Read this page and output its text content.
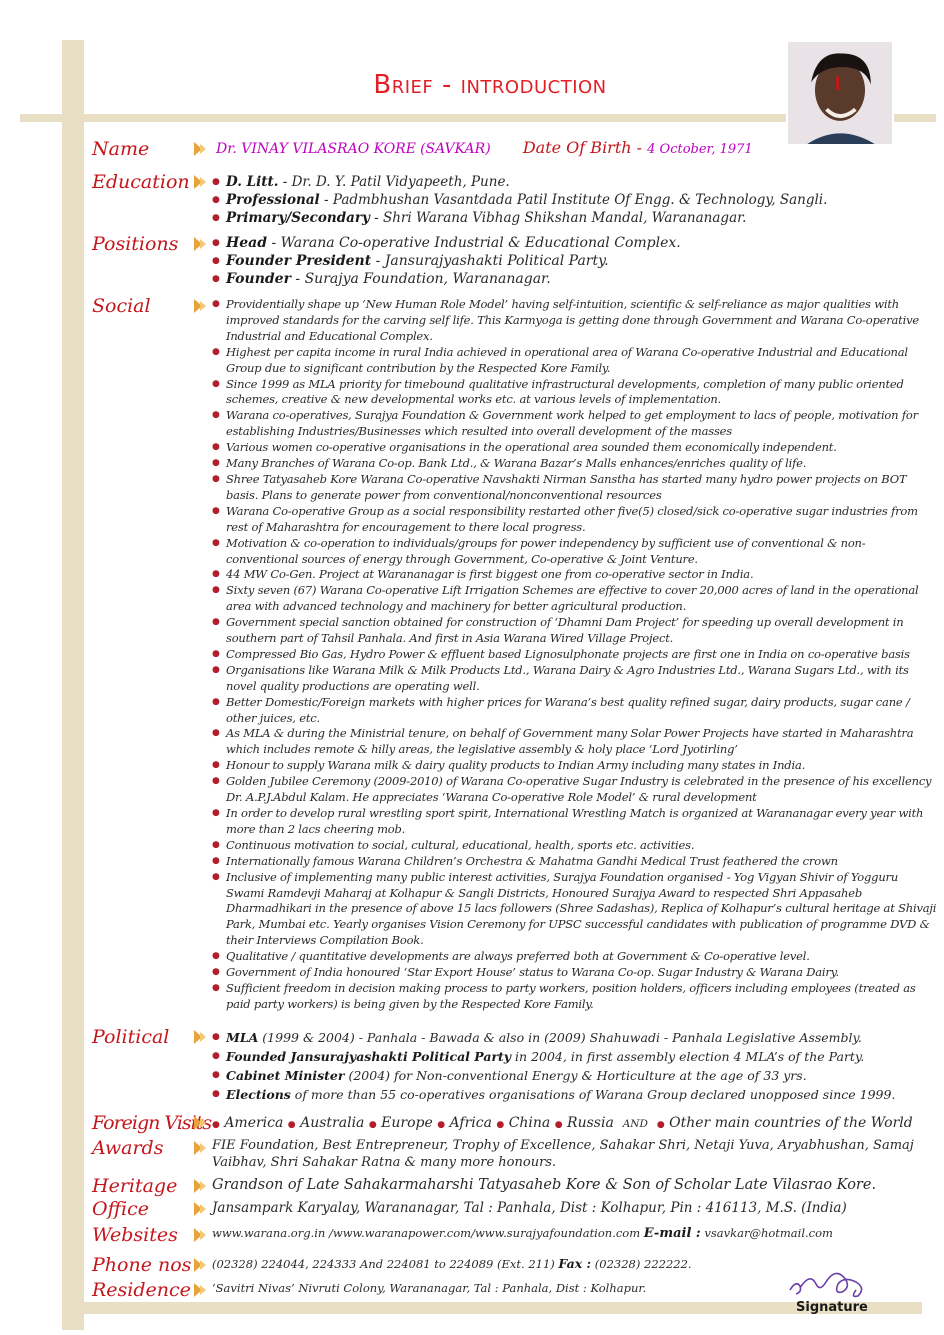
Brief - introduction
Name	Dr. VINAY VILASRAO KORE (SAVKAR) Date Of Birth - 4 October, 1971
Education	● D. Litt. - Dr. D. Y. Patil Vidyapeeth, Pune.
● Professional - Padmbhushan Vasantdada Patil Institute Of Engg. & Technology, Sangli.
● Primary/Secondary - Shri Warana Vibhag Shikshan Mandal, Warananagar.
Positions	● Head - Warana Co-operative Industrial & Educational Complex.
● Founder President - Jansurajyashakti Political Party.
● Founder - Surajya Foundation, Warananagar.
Social	● Providentially shape up ‘New Human Role Model’ having self-intuition, scientific & self-reliance as major qualities with improved standards for the carving self life. This Karmyoga is getting done through Government and Warana Co-operative Industrial and Educational Complex.
● Highest per capita income in rural India achieved in operational area of Warana Co-operative Industrial and Educational Group due to significant contribution by the Respected Kore Family.
● Since 1999 as MLA priority for timebound qualitative infrastructural developments, completion of many public oriented schemes, creative & new developmental works etc. at various levels of implementation.
● Warana co-operatives, Surajya Foundation & Government work helped to get employment to lacs of people, motivation for establishing Industries/Businesses which resulted into overall development of the masses
● Various women co-operative organisations in the operational area sounded them economically independent.
● Many Branches of Warana Co-op. Bank Ltd., & Warana Bazar’s Malls enhances/enriches quality of life.
● Shree Tatyasaheb Kore Warana Co-operative Navshakti Nirman Sanstha has started many hydro power projects on BOT basis. Plans to generate power from conventional/nonconventional resources
● Warana Co-operative Group as a social responsibility restarted other five(5) closed/sick co-operative sugar industries from rest of Maharashtra for encouragement to there local progress.
● Motivation & co-operation to individuals/groups for power independency by sufficient use of conventional & non-conventional sources of energy through Government, Co-operative & Joint Venture.
● 44 MW Co-Gen. Project at Warananagar is first biggest one from co-operative sector in India.
● Sixty seven (67) Warana Co-operative Lift Irrigation Schemes are effective to cover 20,000 acres of land in the operational area with advanced technology and machinery for better agricultural production.
● Government special sanction obtained for construction of ‘Dhamni Dam Project’ for speeding up overall development in southern part of Tahsil Panhala. And first in Asia Warana Wired Village Project.
● Compressed Bio Gas, Hydro Power & effluent based Lignosulphonate projects are first one in India on co-operative basis
● Organisations like Warana Milk & Milk Products Ltd., Warana Dairy & Agro Industries Ltd., Warana Sugars Ltd., with its novel quality productions are operating well.
● Better Domestic/Foreign markets with higher prices for Warana’s best quality refined sugar, dairy products, sugar cane / other juices, etc.
● As MLA & during the Ministrial tenure, on behalf of Government many Solar Power Projects have started in Maharashtra which includes remote & hilly areas, the legislative assembly & holy place ‘Lord Jyotirling’
● Honour to supply Warana milk & dairy quality products to Indian Army including many states in India.
● Golden Jubilee Ceremony (2009-2010) of Warana Co-operative Sugar Industry is celebrated in the presence of his excellency Dr. A.P.J.Abdul Kalam. He appreciates ‘Warana Co-operative Role Model’ & rural development
● In order to develop rural wrestling sport spirit, International Wrestling Match is organized at Warananagar every year with more than 2 lacs cheering mob.
● Continuous motivation to social, cultural, educational, health, sports etc. activities.
● Internationally famous Warana Children’s Orchestra & Mahatma Gandhi Medical Trust feathered the crown
● Inclusive of implementing many public interest activities, Surajya Foundation organised - Yog Vigyan Shivir of Yogguru Swami Ramdevji Maharaj at Kolhapur & Sangli Districts, Honoured Surajya Award to respected Shri Appasaheb Dharmadhikari in the presence of above 15 lacs followers (Shree Sadashas), Replica of Kolhapur’s cultural heritage at Shivaji Park, Mumbai etc. Yearly organises Vision Ceremony for UPSC successful candidates with publication of programme DVD & their Interviews Compilation Book.
● Qualitative / quantitative developments are always preferred both at Government & Co-operative level.
● Government of India honoured ‘Star Export House’ status to Warana Co-op. Sugar Industry & Warana Dairy.
● Sufficient freedom in decision making process to party workers, position holders, officers including employees (treated as paid party workers) is being given by the Respected Kore Family.
Political	● MLA (1999 & 2004) - Panhala - Bawada & also in (2009) Shahuwadi - Panhala Legislative Assembly.
● Founded Jansurajyashakti Political Party in 2004, in first assembly election 4 MLA’s of the Party.
● Cabinet Minister (2004) for Non-conventional Energy & Horticulture at the age of 33 yrs.
● Elections of more than 55 co-operatives organisations of Warana Group declared unopposed since 1999.
Foreign Visits ● America ● Australia ● Europe ● Africa ● China ● Russia AND ● Other main countries of the World
Awards	FIE Foundation, Best Entrepreneur, Trophy of Excellence, Sahakar Shri, Netaji Yuva, Aryabhushan, Samaj Vaibhav, Shri Sahakar Ratna & many more honours.
Heritage Grandson of Late Sahakarmaharshi Tatyasaheb Kore & Son of Scholar Late Vilasrao Kore.
Office	Jansampark Karyalay, Warananagar, Tal : Panhala, Dist : Kolhapur, Pin : 416113, M.S. (India)
Websites	www.warana.org.in /www.waranapower.com/www.surajyafoundation.com E-mail : vsavkar@hotmail.com
Phone nos (02328) 224044, 224333 And 224081 to 224089 (Ext. 211) Fax : (02328) 222222.
Residence ‘Savitri Nivas’ Nivruti Colony, Warananagar, Tal : Panhala, Dist : Kolhapur.
Signature
